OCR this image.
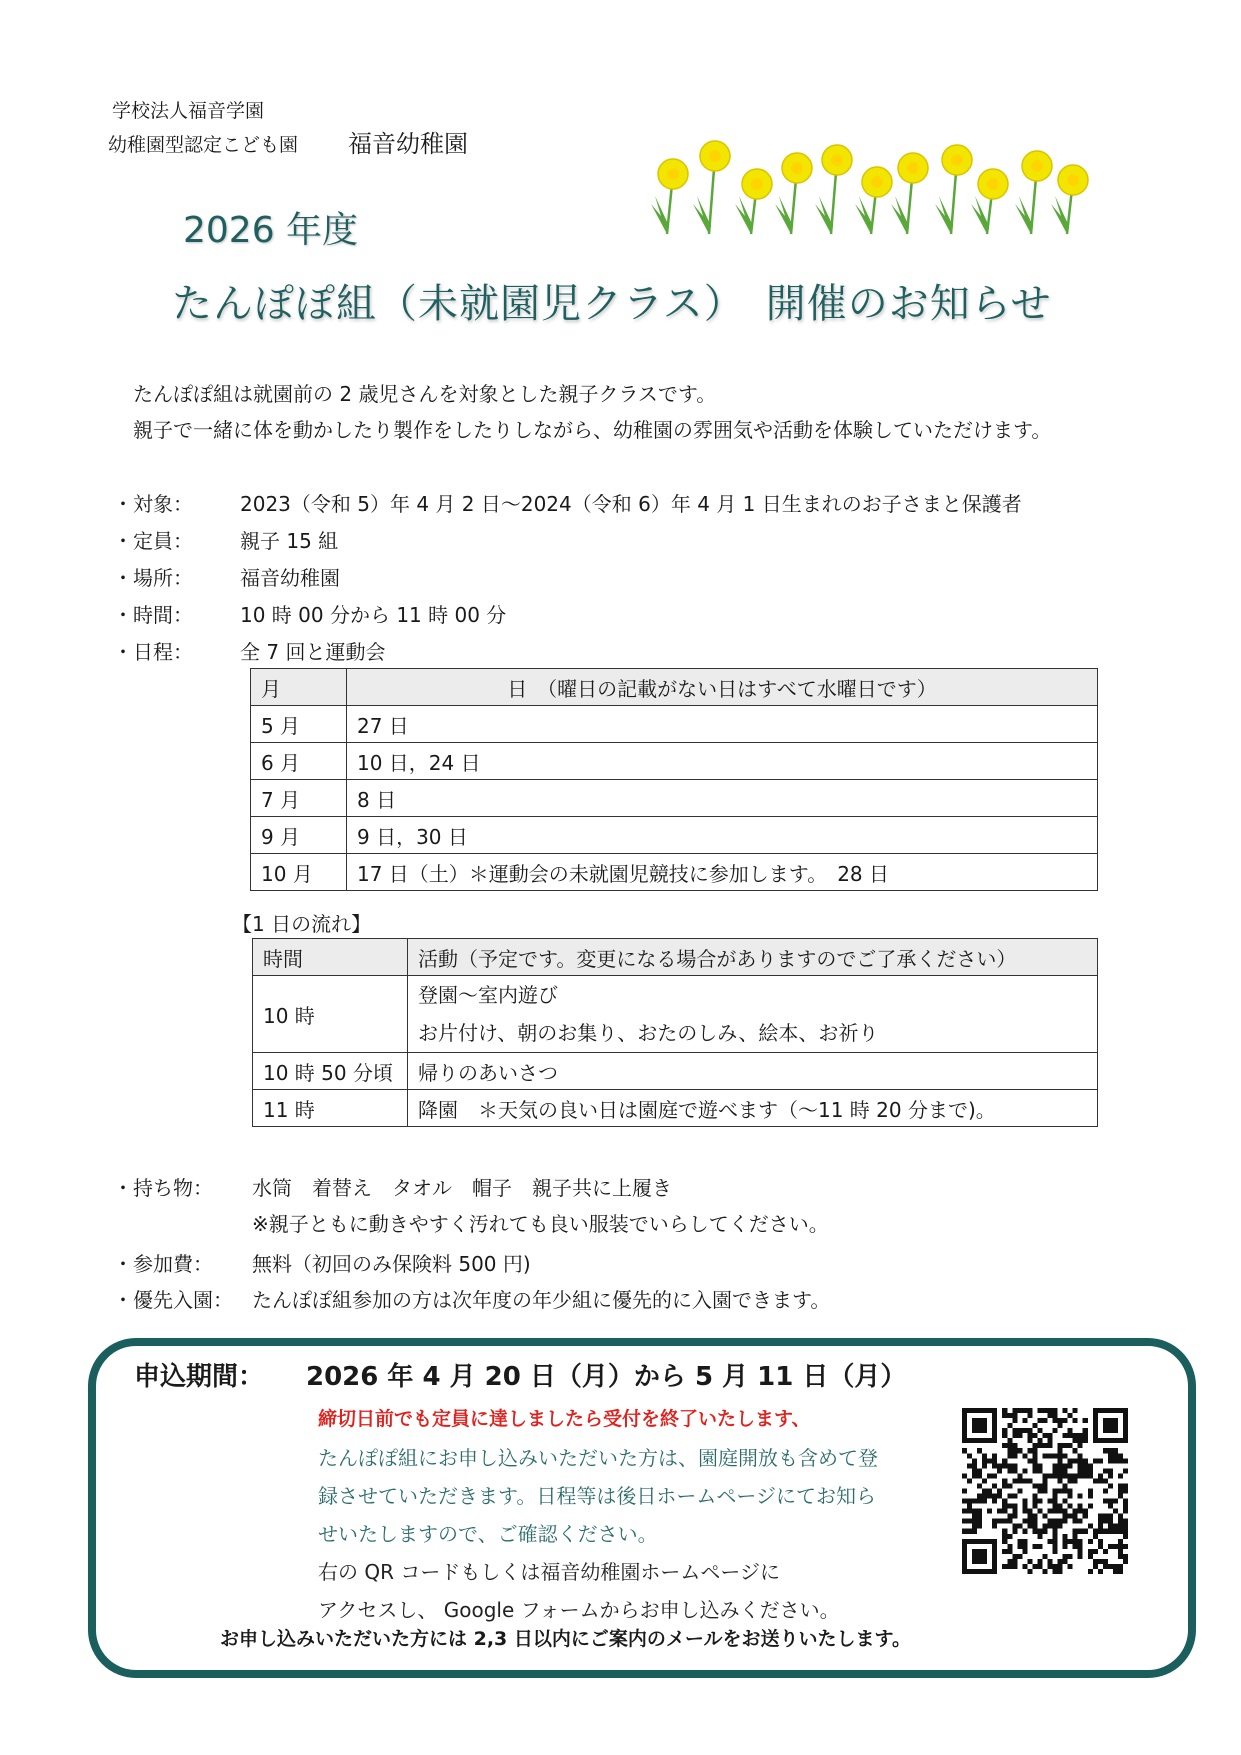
学校法人福音学園
幼稚園型認定こども園 福音幼稚園
2026 年度
たんぽぽ組（未就園児クラス）　開催のお知らせ
たんぽぽ組は就園前の 2 歳児さんを対象とした親子クラスです。
親子で一緒に体を動かしたり製作をしたりしながら、幼稚園の雰囲気や活動を体験していただけます。
・対象： 2023（令和 5）年 4 月 2 日〜2024（令和 6）年 4 月 1 日生まれのお子さまと保護者
・定員： 親子 15 組
・場所： 福音幼稚園
・時間： 10 時 00 分から 11 時 00 分
・日程： 全 7 回と運動会
月	日　（曜日の記載がない日はすべて水曜日です）
5 月	27 日
6 月	10 日，24 日
7 月	8 日
9 月	9 日，30 日
10 月	17 日（土）＊運動会の未就園児競技に参加します。　28 日
【1 日の流れ】
時間	活動（予定です。変更になる場合がありますのでご了承ください）
10 時	登園〜室内遊び
お片付け、朝のお集り、おたのしみ、絵本、お祈り

10 時 50 分頃	帰りのあいさつ
11 時	降園　＊天気の良い日は園庭で遊べます（〜11 時 20 分まで)。
・持ち物： 水筒　着替え　タオル　帽子　親子共に上履き
※親子ともに動きやすく汚れても良い服装でいらしてください。
・参加費： 無料（初回のみ保険料 500 円)
・優先入園： たんぽぽ組参加の方は次年度の年少組に優先的に入園できます。
申込期間： 2026 年 4 月 20 日（月）から 5 月 11 日（月）
締切日前でも定員に達しましたら受付を終了いたします、
たんぽぽ組にお申し込みいただいた方は、園庭開放も含めて登
録させていただきます。日程等は後日ホームページにてお知ら
せいたしますので、ご確認ください。
右の QR コードもしくは福音幼稚園ホームページに
アクセスし、 Google フォームからお申し込みください。
お申し込みいただいた方には 2,3 日以内にご案内のメールをお送りいたします。
